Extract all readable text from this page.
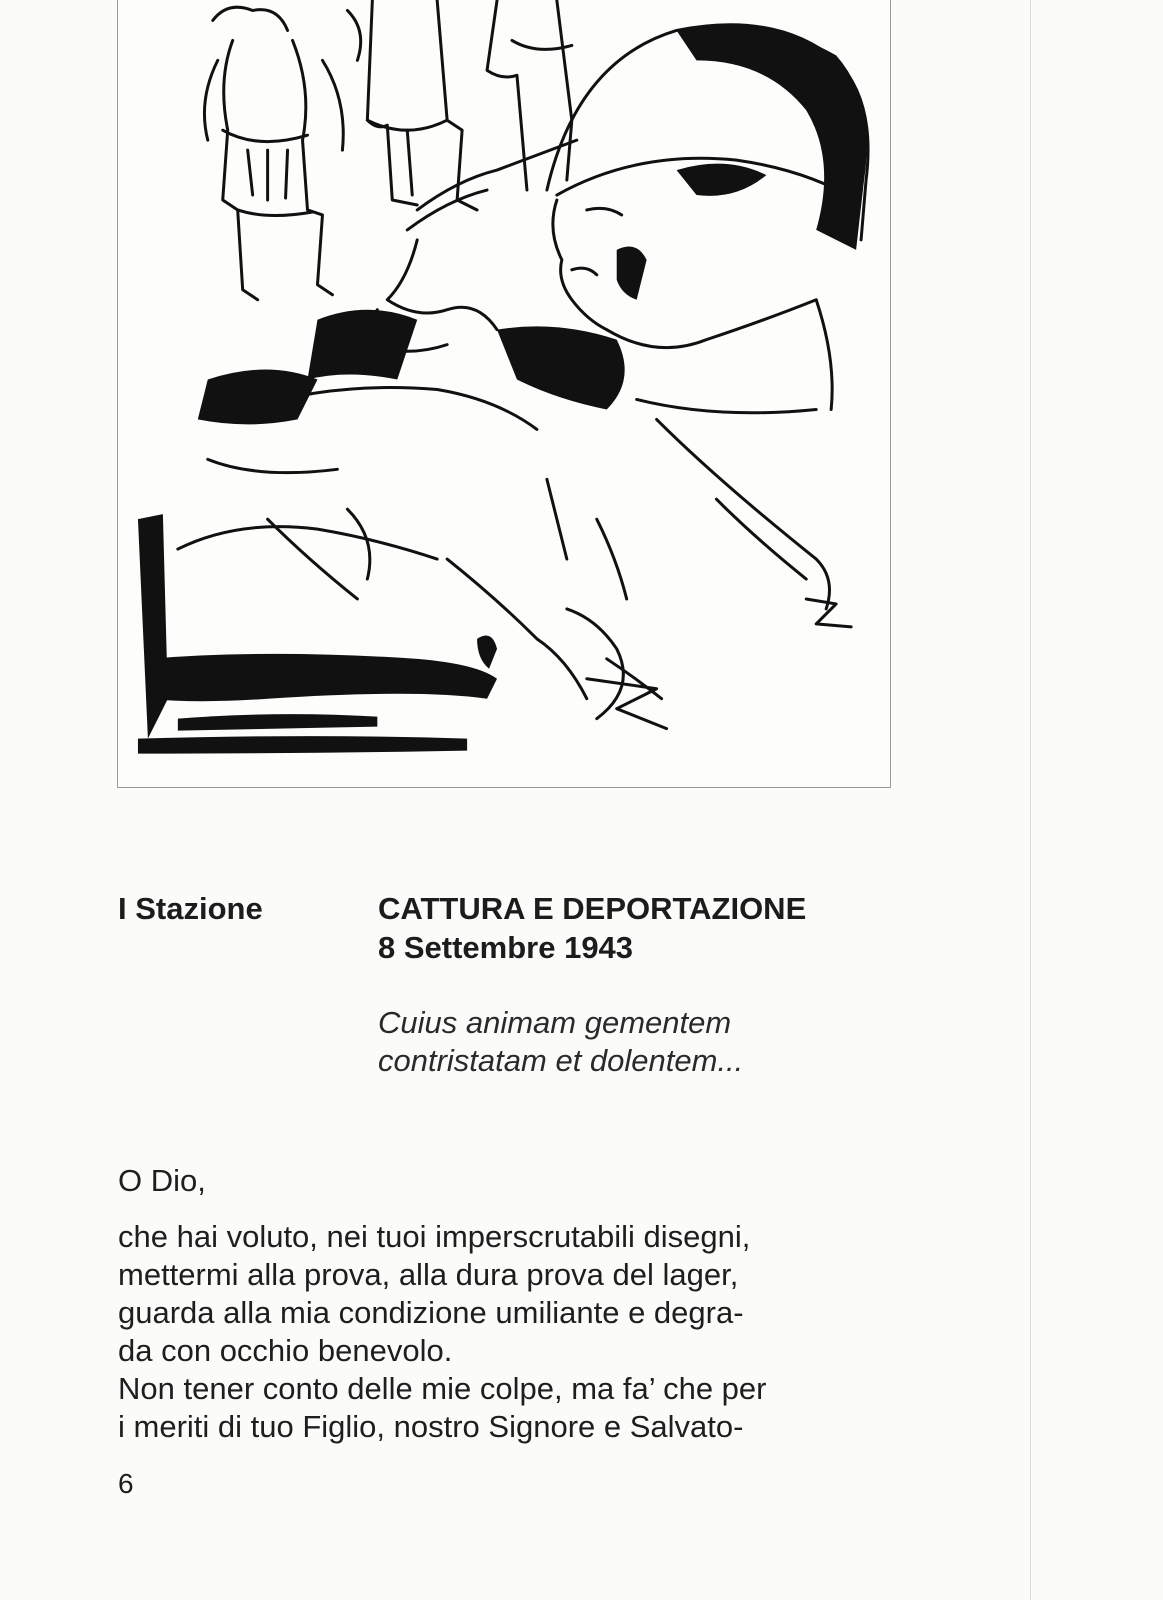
I Stazione	CATTURA E DEPORTAZIONE
8 Settembre 1943
Cuius animam gementem
contristatam et dolentem...
O Dio,
che hai voluto, nei tuoi imperscrutabili disegni,
mettermi alla prova, alla dura prova del lager,
guarda alla mia condizione umiliante e degra-
da con occhio benevolo.
Non tener conto delle mie colpe, ma fa’ che per
i meriti di tuo Figlio, nostro Signore e Salvato-
6
